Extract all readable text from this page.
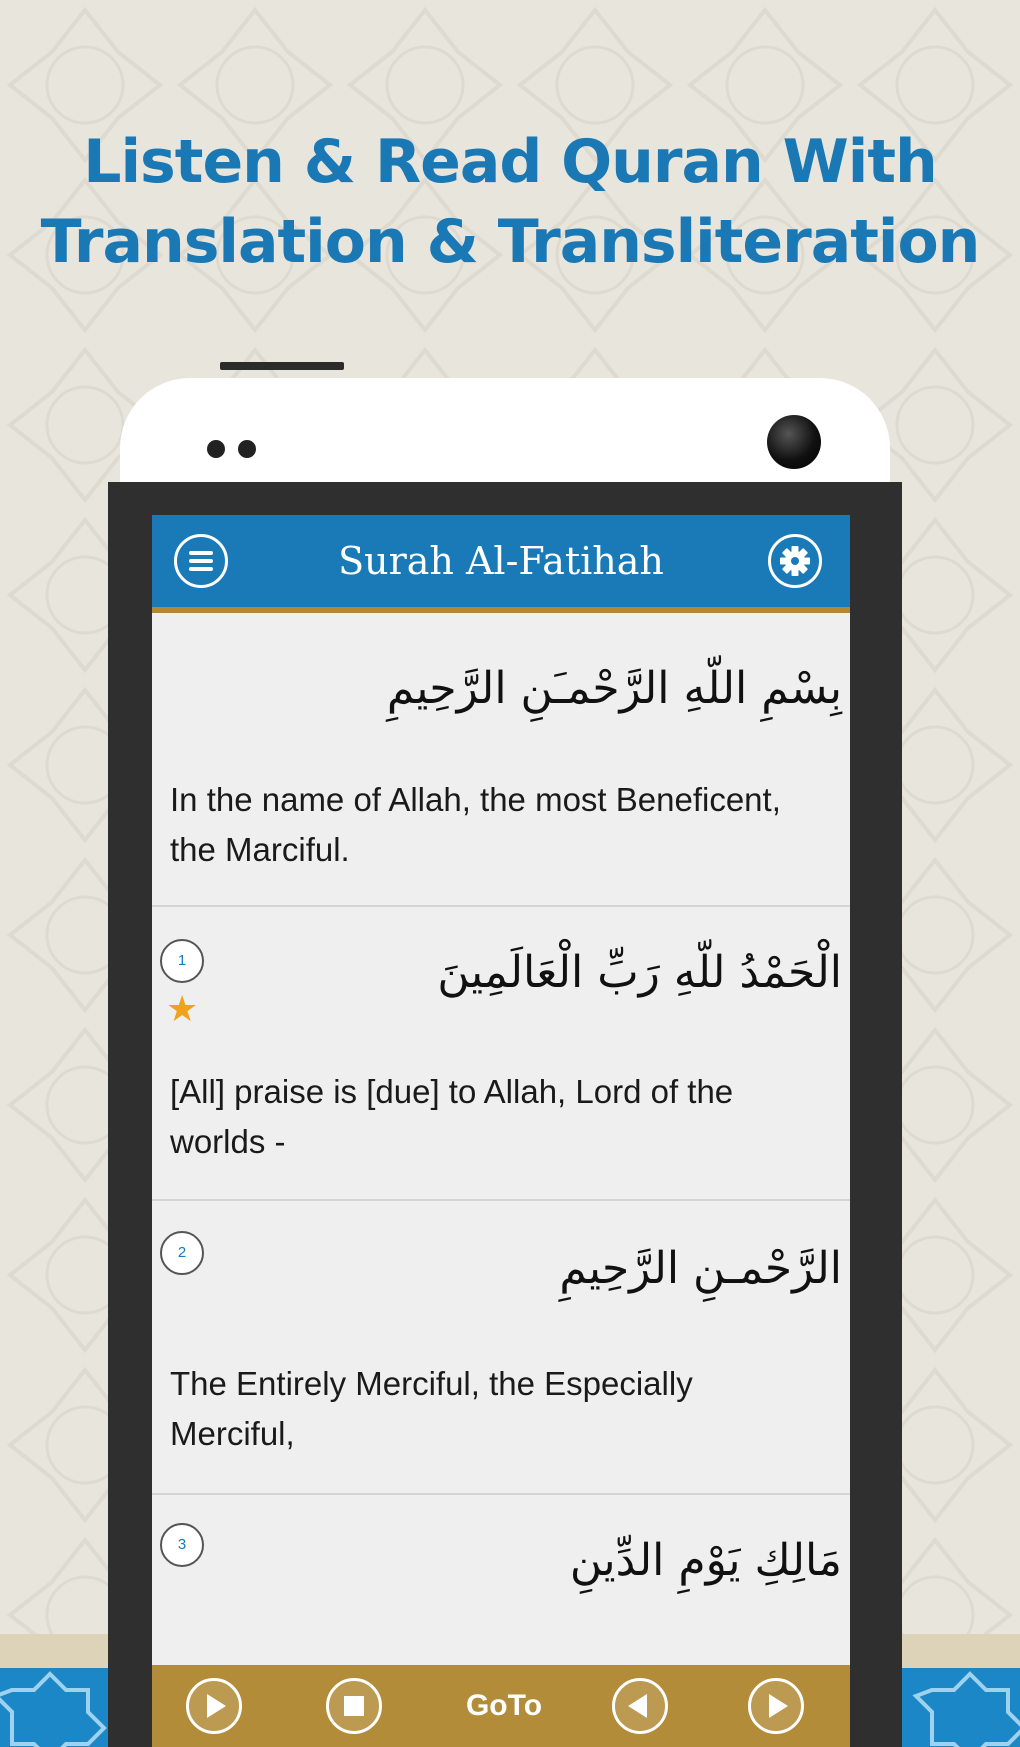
Listen & Read Quran With
Translation & Transliteration
Surah Al-Fatihah
بِسْمِ اللّهِ الرَّحْمـَنِ الرَّحِيمِ
In the name of Allah, the most Beneficent, the Marciful.
1
★
الْحَمْدُ للّهِ رَبِّ الْعَالَمِينَ
[All] praise is [due] to Allah, Lord of the worlds -
2	الرَّحْمـنِ الرَّحِيمِ
The Entirely Merciful, the Especially Merciful,
3	مَالِكِ يَوْمِ الدِّينِ
GoTo
